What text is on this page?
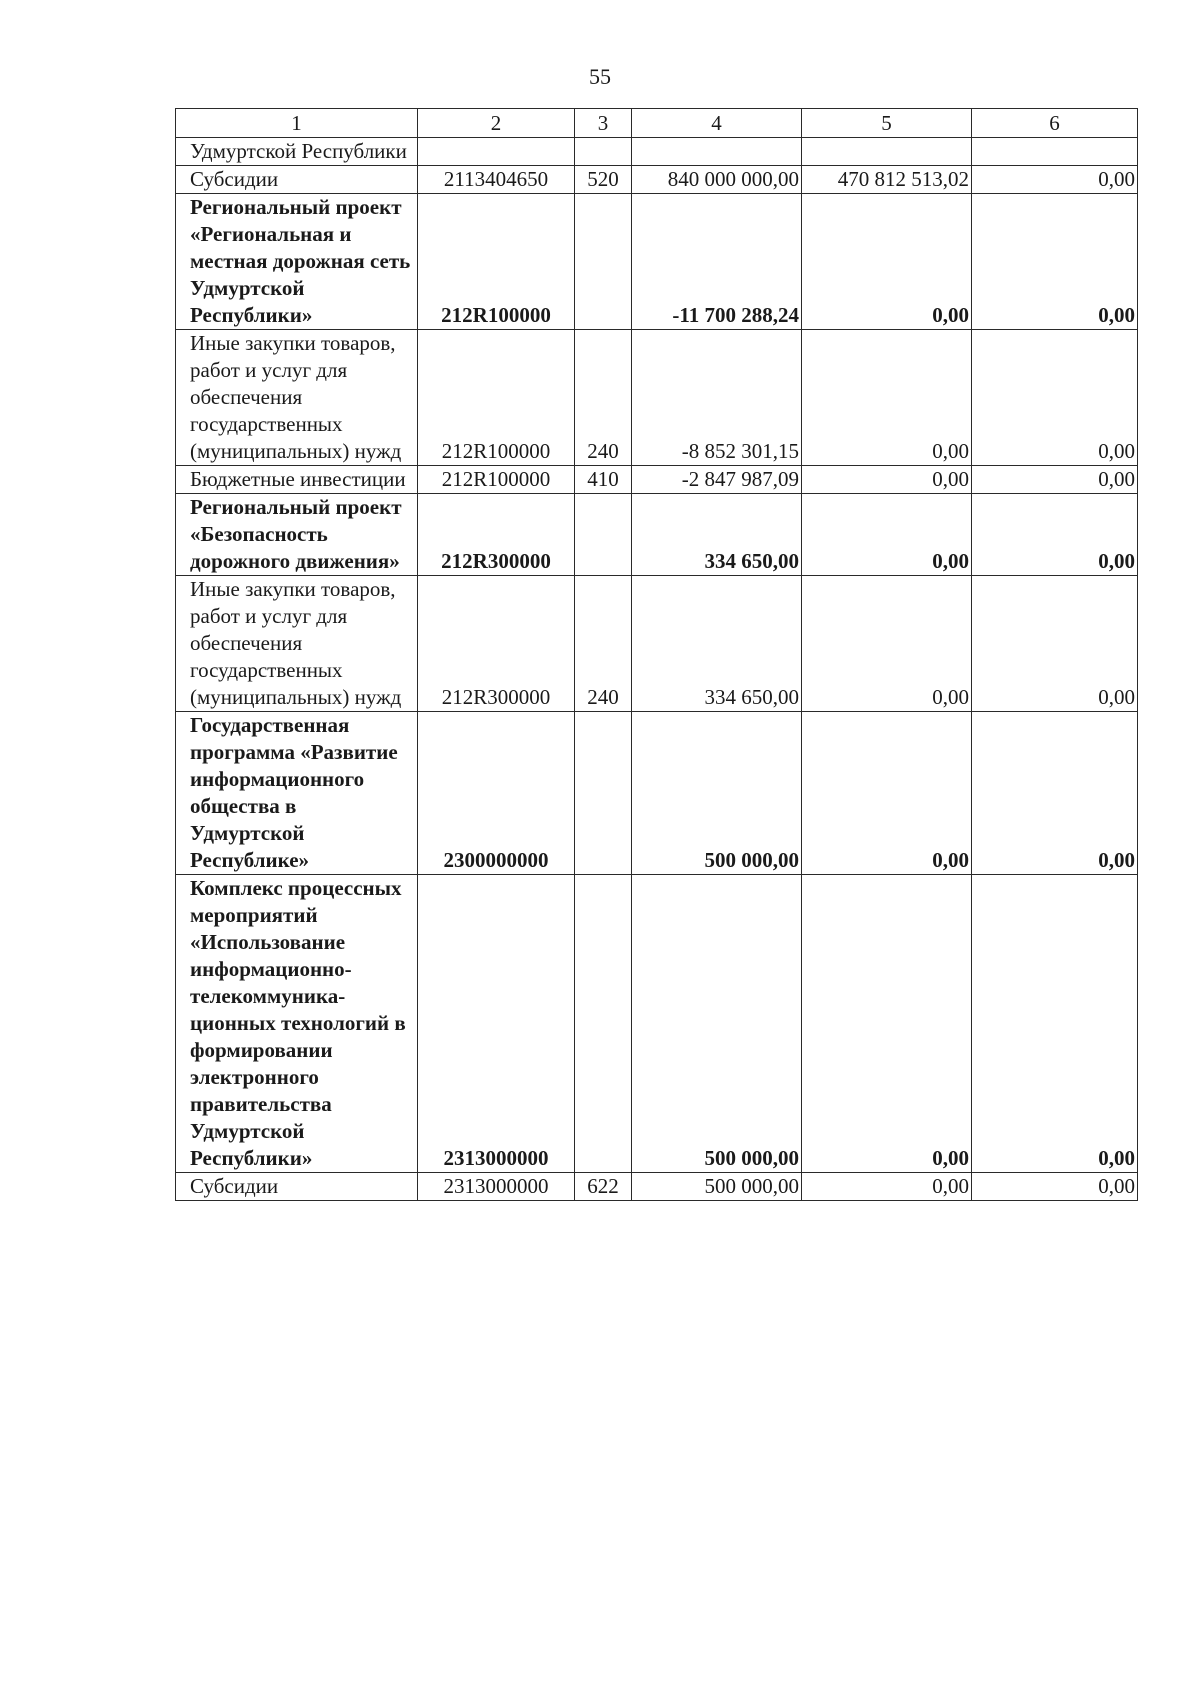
55
1	2	3	4	5	6
Удмуртской Республики					
Субсидии	2113404650	520	840 000 000,00	470 812 513,02	0,00
Региональный проект «Региональная и местная дорожная сеть Удмуртской Республики»	212R100000		-11 700 288,24	0,00	0,00
Иные закупки товаров, работ и услуг для обеспечения государственных (муниципальных) нужд	212R100000	240	-8 852 301,15	0,00	0,00
Бюджетные инвестиции	212R100000	410	-2 847 987,09	0,00	0,00
Региональный проект «Безопасность дорожного движения»	212R300000		334 650,00	0,00	0,00
Иные закупки товаров, работ и услуг для обеспечения государственных (муниципальных) нужд	212R300000	240	334 650,00	0,00	0,00
Государственная программа «Развитие информационного общества в Удмуртской Республике»	2300000000		500 000,00	0,00	0,00
Комплекс процессных мероприятий «Использование информационно-телекоммуника-ционных технологий в формировании электронного правительства Удмуртской Республики»	2313000000		500 000,00	0,00	0,00
Субсидии	2313000000	622	500 000,00	0,00	0,00
